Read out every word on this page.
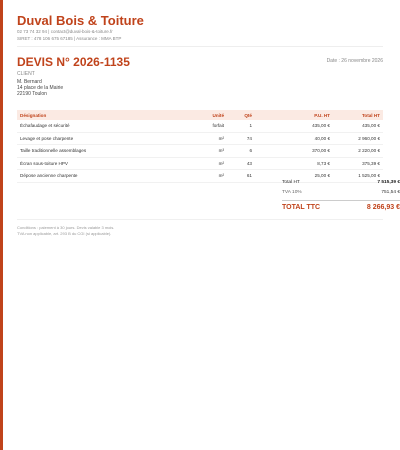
Duval Bois & Toiture
02 73 74 32 94 | contact@duval-bois-&-toiture.fr
SIRET : 478 106 675 67185 | Assurance : MMA BTP
DEVIS N° 2026-1135	Date : 26 novembre 2026
CLIENT
M. Bernard
14 place de la Mairie
22190 Toulon
Désignation	Unité	Qté	P.U. HT	Total HT
Échafaudage et sécurité	forfait	1	435,00 €	435,00 €
Levage et pose charpente	m²	74	40,00 €	2 960,00 €
Taille traditionnelle assemblages	m³	6	370,00 €	2 220,00 €
Écran sous-toiture HPV	m²	43	8,73 €	375,39 €
Dépose ancienne charpente	m²	61	25,00 €	1 525,00 €
Total HT	7 515,39 €
TVA 10%	751,54 €
TOTAL TTC	8 266,93 €
Conditions : paiement à 30 jours. Devis valable 3 mois.
TVA non applicable, art. 293 B du CGI (si applicable).
